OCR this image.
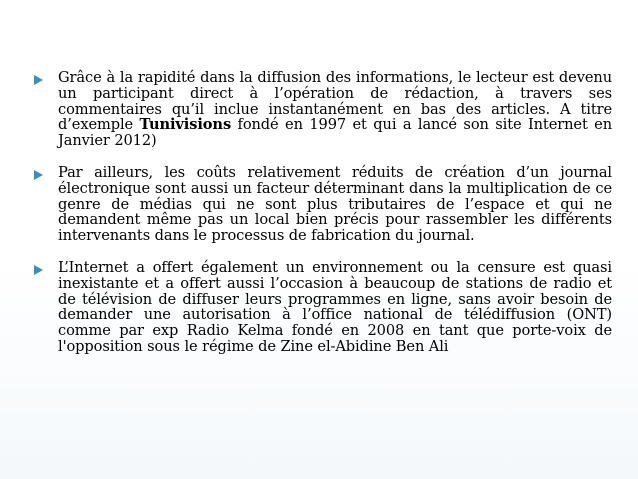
Grâce à la rapidité dans la diffusion des informations, le lecteur est devenu un participant direct à l’opération de rédaction, à travers ses commentaires qu’il inclue instantanément en bas des articles. A titre d’exemple Tunivisions fondé en 1997 et qui a lancé son site Internet en Janvier 2012)
Par ailleurs, les coûts relativement réduits de création d’un journal électronique sont aussi un facteur déterminant dans la multiplication de ce genre de médias qui ne sont plus tributaires de l’espace et qui ne demandent même pas un local bien précis pour rassembler les différents intervenants dans le processus de fabrication du journal.
L’Internet a offert également un environnement ou la censure est quasi inexistante et a offert aussi l’occasion à beaucoup de stations de radio et de télévision de diffuser leurs programmes en ligne, sans avoir besoin de demander une autorisation à l’office national de télédiffusion (ONT) comme par exp Radio Kelma fondé en 2008 en tant que porte-voix de l'opposition sous le régime de Zine el-Abidine Ben Ali
